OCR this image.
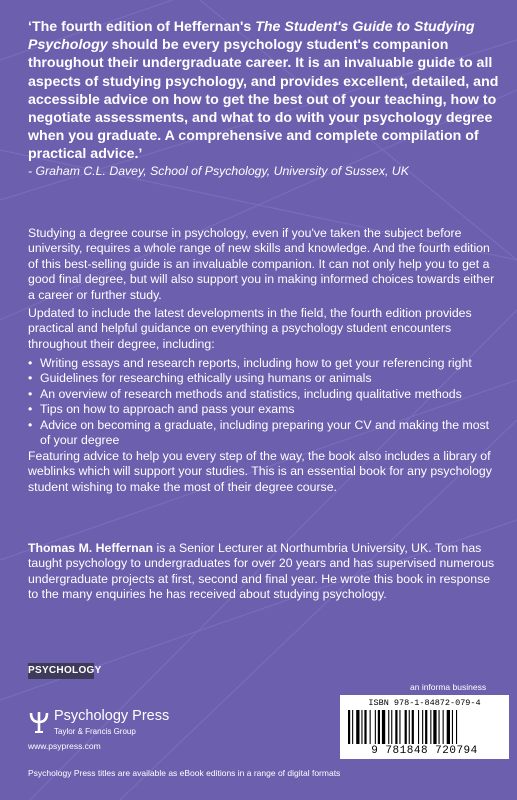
‘The fourth edition of Heffernan's The Student's Guide to Studying Psychology should be every psychology student's companion throughout their undergraduate career. It is an invaluable guide to all aspects of studying psychology, and provides excellent, detailed, and accessible advice on how to get the best out of your teaching, how to negotiate assessments, and what to do with your psychology degree when you graduate. A comprehensive and complete compilation of practical advice.’
- Graham C.L. Davey, School of Psychology, University of Sussex, UK
Studying a degree course in psychology, even if you've taken the subject before university, requires a whole range of new skills and knowledge. And the fourth edition of this best-selling guide is an invaluable companion. It can not only help you to get a good final degree, but will also support you in making informed choices towards either a career or further study.
Updated to include the latest developments in the field, the fourth edition provides practical and helpful guidance on everything a psychology student encounters throughout their degree, including:
• Writing essays and research reports, including how to get your referencing right
• Guidelines for researching ethically using humans or animals
• An overview of research methods and statistics, including qualitative methods
• Tips on how to approach and pass your exams
• Advice on becoming a graduate, including preparing your CV and making the most of your degree
Featuring advice to help you every step of the way, the book also includes a library of weblinks which will support your studies. This is an essential book for any psychology student wishing to make the most of their degree course.
Thomas M. Heffernan is a Senior Lecturer at Northumbria University, UK. Tom has taught psychology to undergraduates for over 20 years and has supervised numerous undergraduate projects at first, second and final year. He wrote this book in response to the many enquiries he has received about studying psychology.
PSYCHOLOGY
Psychology Press
Taylor & Francis Group
www.psypress.com
Psychology Press titles are available as eBook editions in a range of digital formats
an informa business
ISBN 978-1-84872-079-4
9 781848 720794
